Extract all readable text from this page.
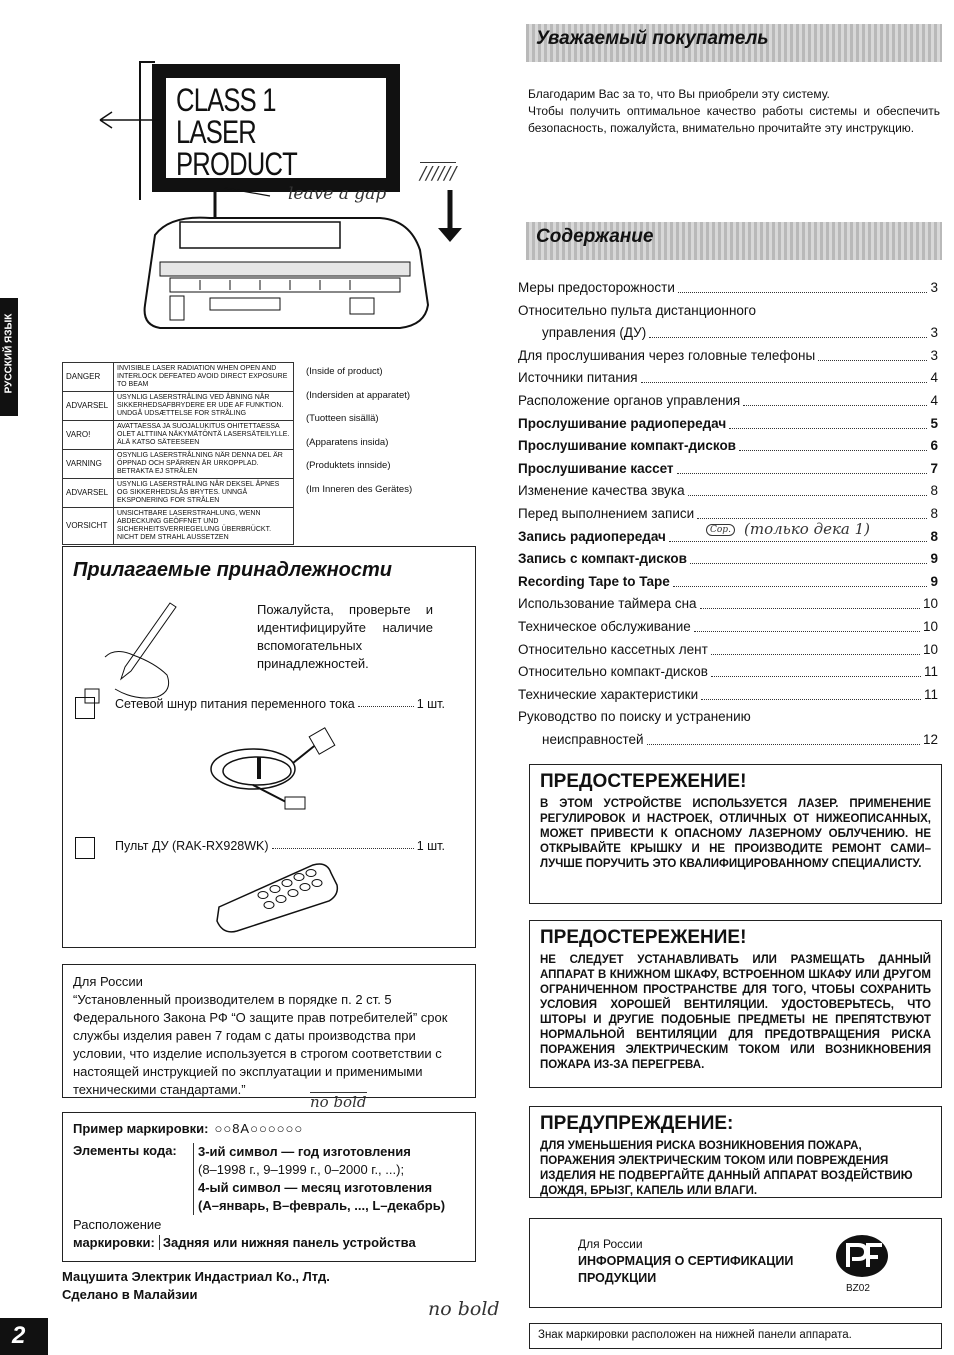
РУССКИЙ ЯЗЫК
CLASS 1
LASER PRODUCT
leave a gap
//////
DANGER	INVISIBLE LASER RADIATION WHEN OPEN AND INTERLOCK DEFEATED AVOID DIRECT EXPOSURE TO BEAM
ADVARSEL	USYNLIG LASERSTRÅLING VED ÅBNING NÅR SIKKERHEDSAFBRYDERE ER UDE AF FUNKTION. UNDGÅ UDSÆTTELSE FOR STRÅLING
VARO!	AVATTAESSA JA SUOJALUKITUS OHITETTAESSA OLET ALTTIINA NÄKYMÄTÖNTÄ LASERSÄTEILYLLE. ÄLÄ KATSO SÄTEESEEN
VARNING	OSYNLIG LASERSTRÅLNING NÄR DENNA DEL ÄR ÖPPNAD OCH SPÄRREN ÄR URKOPPLAD. BETRAKTA EJ STRÅLEN
ADVARSEL	USYNLIG LASERSTRÅLING NÅR DEKSEL ÅPNES OG SIKKERHEDSLÅS BRYTES. UNNGÅ EKSPONERING FOR STRÅLEN
VORSICHT	UNSICHTBARE LASERSTRAHLUNG, WENN ABDECKUNG GEÖFFNET UND SICHERHEITSVERRIEGELUNG ÜBERBRÜCKT. NICHT DEM STRAHL AUSSETZEN
(Inside of product)
(Indersiden at apparatet)
(Tuotteen sisällä)
(Apparatens insida)
(Produktets innside)
(Im Inneren des Gerätes)
Прилагаемые принадлежности
Пожалуйста, проверьте и идентифицируйте наличие вспомогательных принадлежностей.
Сетевой шнур питания переменного тока	1 шт.
Пульт ДУ (RAK-RX928WK)	1 шт.
Для России
“Установленный производителем в порядке п. 2 ст. 5 Федерального Закона РФ “О защите прав потребителей” срок службы изделия равен 7 годам с даты производства при условии, что изделие используется в строгом соответствии с настоящей инструкцией по эксплуатации и применимыми техническими стандартами.”
no bold
Пример маркировки: ○○8A○○○○○○
Элементы кода: 3-ий символ — год изготовления
(8–1998 г., 9–1999 г., 0–2000 г., ...);
4-ый символ — месяц изготовления
(А–январь, В–февраль, ..., L–декабрь)
Расположение
маркировки: Задняя или нижняя панель устройства
Мацушита Электрик Индастриал Ко., Лтд.
Сделано в Малайзии
no bold
2
Уважаемый покупатель
Благодарим Вас за то, что Вы приобрели эту систему.
Чтобы получить оптимальное качество работы системы и обеспечить безопасность, пожалуйста, внимательно прочитайте эту инструкцию.
Содержание
Меры предосторожности	3
Относительно пульта дистанционного
управления (ДУ)	3
Для прослушивания через головные телефоны	3
Источники питания	4
Расположение органов управления	4
Прослушивание радиопередач	5
Прослушивание компакт-дисков	6
Прослушивание кассет	7
Изменение качества звука	8
Перед выполнением записи	8
Запись радиопередач	8
Запись с компакт-дисков	9
Recording Tape to Tape	9
Использование таймера сна	10
Техническое обслуживание	10
Относительно кассетных лент	10
Относительно компакт-дисков	11
Технические характеристики	11
Руководство по поиску и устранению
неисправностей	12
(только дека 1)
Cop.
ПРЕДОСТЕРЕЖЕНИЕ!
В ЭТОМ УСТРОЙСТВЕ ИСПОЛЬЗУЕТСЯ ЛАЗЕР. ПРИМЕНЕНИЕ РЕГУЛИРОВОК И НАСТРОЕК, ОТЛИЧНЫХ ОТ НИЖЕОПИСАННЫХ, МОЖЕТ ПРИВЕСТИ К ОПАСНОМУ ЛАЗЕРНОМУ ОБЛУЧЕНИЮ. НЕ ОТКРЫВАЙТЕ КРЫШКУ И НЕ ПРОИЗВОДИТЕ РЕМОНТ САМИ–ЛУЧШЕ ПОРУЧИТЬ ЭТО КВАЛИФИЦИРОВАННОМУ СПЕЦИАЛИСТУ.
ПРЕДОСТЕРЕЖЕНИЕ!
НЕ СЛЕДУЕТ УСТАНАВЛИВАТЬ ИЛИ РАЗМЕЩАТЬ ДАННЫЙ АППАРАТ В КНИЖНОМ ШКАФУ, ВСТРОЕННОМ ШКАФУ ИЛИ ДРУГОМ ОГРАНИЧЕННОМ ПРОСТРАНСТВЕ ДЛЯ ТОГО, ЧТОБЫ СОХРАНИТЬ УСЛОВИЯ ХОРОШЕЙ ВЕНТИЛЯЦИИ. УДОСТОВЕРЬТЕСЬ, ЧТО ШТОРЫ И ДРУГИЕ ПОДОБНЫЕ ПРЕДМЕТЫ НЕ ПРЕПЯТСТВУЮТ НОРМАЛЬНОЙ ВЕНТИЛЯЦИИ ДЛЯ ПРЕДОТВРАЩЕНИЯ РИСКА ПОРАЖЕНИЯ ЭЛЕКТРИЧЕСКИМ ТОКОМ ИЛИ ВОЗНИКНОВЕНИЯ ПОЖАРА ИЗ-ЗА ПЕРЕГРЕВА.
ПРЕДУПРЕЖДЕНИЕ:
ДЛЯ УМЕНЬШЕНИЯ РИСКА ВОЗНИКНОВЕНИЯ ПОЖАРА, ПОРАЖЕНИЯ ЭЛЕКТРИЧЕСКИМ ТОКОМ ИЛИ ПОВРЕЖДЕНИЯ ИЗДЕЛИЯ НЕ ПОДВЕРГАЙТЕ ДАННЫЙ АППАРАТ ВОЗДЕЙСТВИЮ ДОЖДЯ, БРЫЗГ, КАПЕЛЬ ИЛИ ВЛАГИ.
Для России
ИНФОРМАЦИЯ О СЕРТИФИКАЦИИ
ПРОДУКЦИИ
BZ02
Знак маркировки расположен на нижней панели аппарата.
